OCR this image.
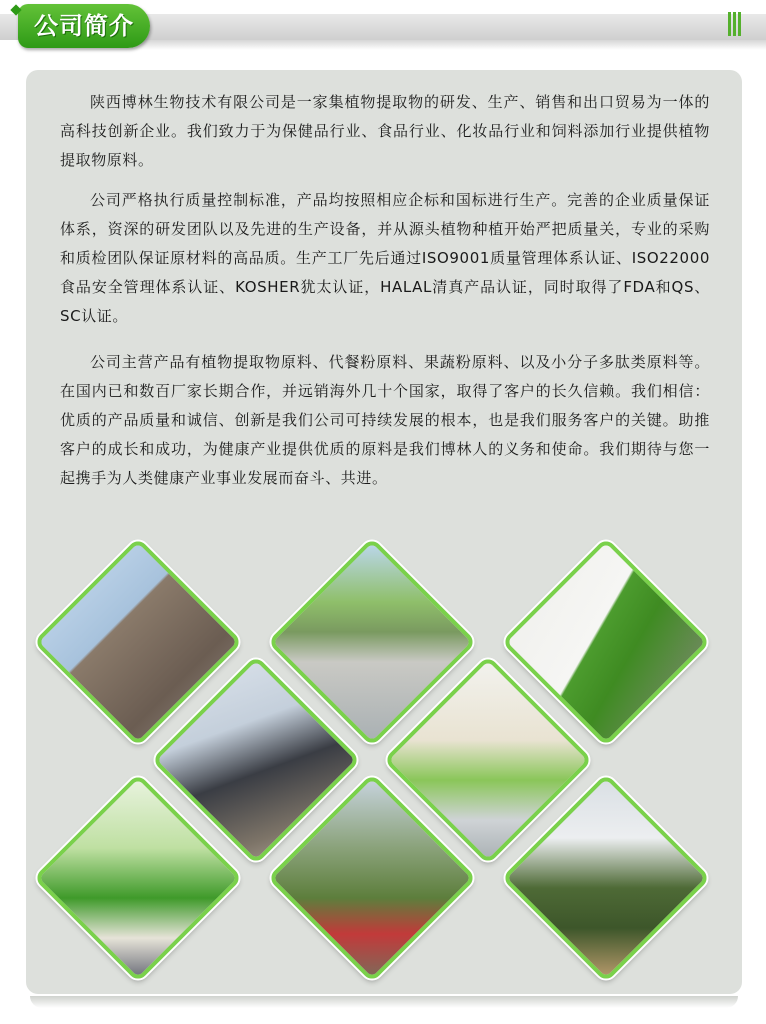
公司简介

陕西博林生物技术有限公司是一家集植物提取物的研发、生产、销售和出口贸易为一体的高科技创新企业。我们致力于为保健品行业、食品行业、化妆品行业和饲料添加行业提供植物提取物原料。

公司严格执行质量控制标准，产品均按照相应企标和国标进行生产。完善的企业质量保证体系，资深的研发团队以及先进的生产设备，并从源头植物种植开始严把质量关，专业的采购和质检团队保证原材料的高品质。生产工厂先后通过ISO9001质量管理体系认证、ISO22000 食品安全管理体系认证、KOSHER犹太认证，HALAL清真产品认证，同时取得了FDA和QS、SC认证。

公司主营产品有植物提取物原料、代餐粉原料、果蔬粉原料、以及小分子多肽类原料等。在国内已和数百厂家长期合作，并远销海外几十个国家，取得了客户的长久信赖。我们相信：优质的产品质量和诚信、创新是我们公司可持续发展的根本，也是我们服务客户的关键。助推客户的成长和成功，为健康产业提供优质的原料是我们博林人的义务和使命。我们期待与您一起携手为人类健康产业事业发展而奋斗、共进。
